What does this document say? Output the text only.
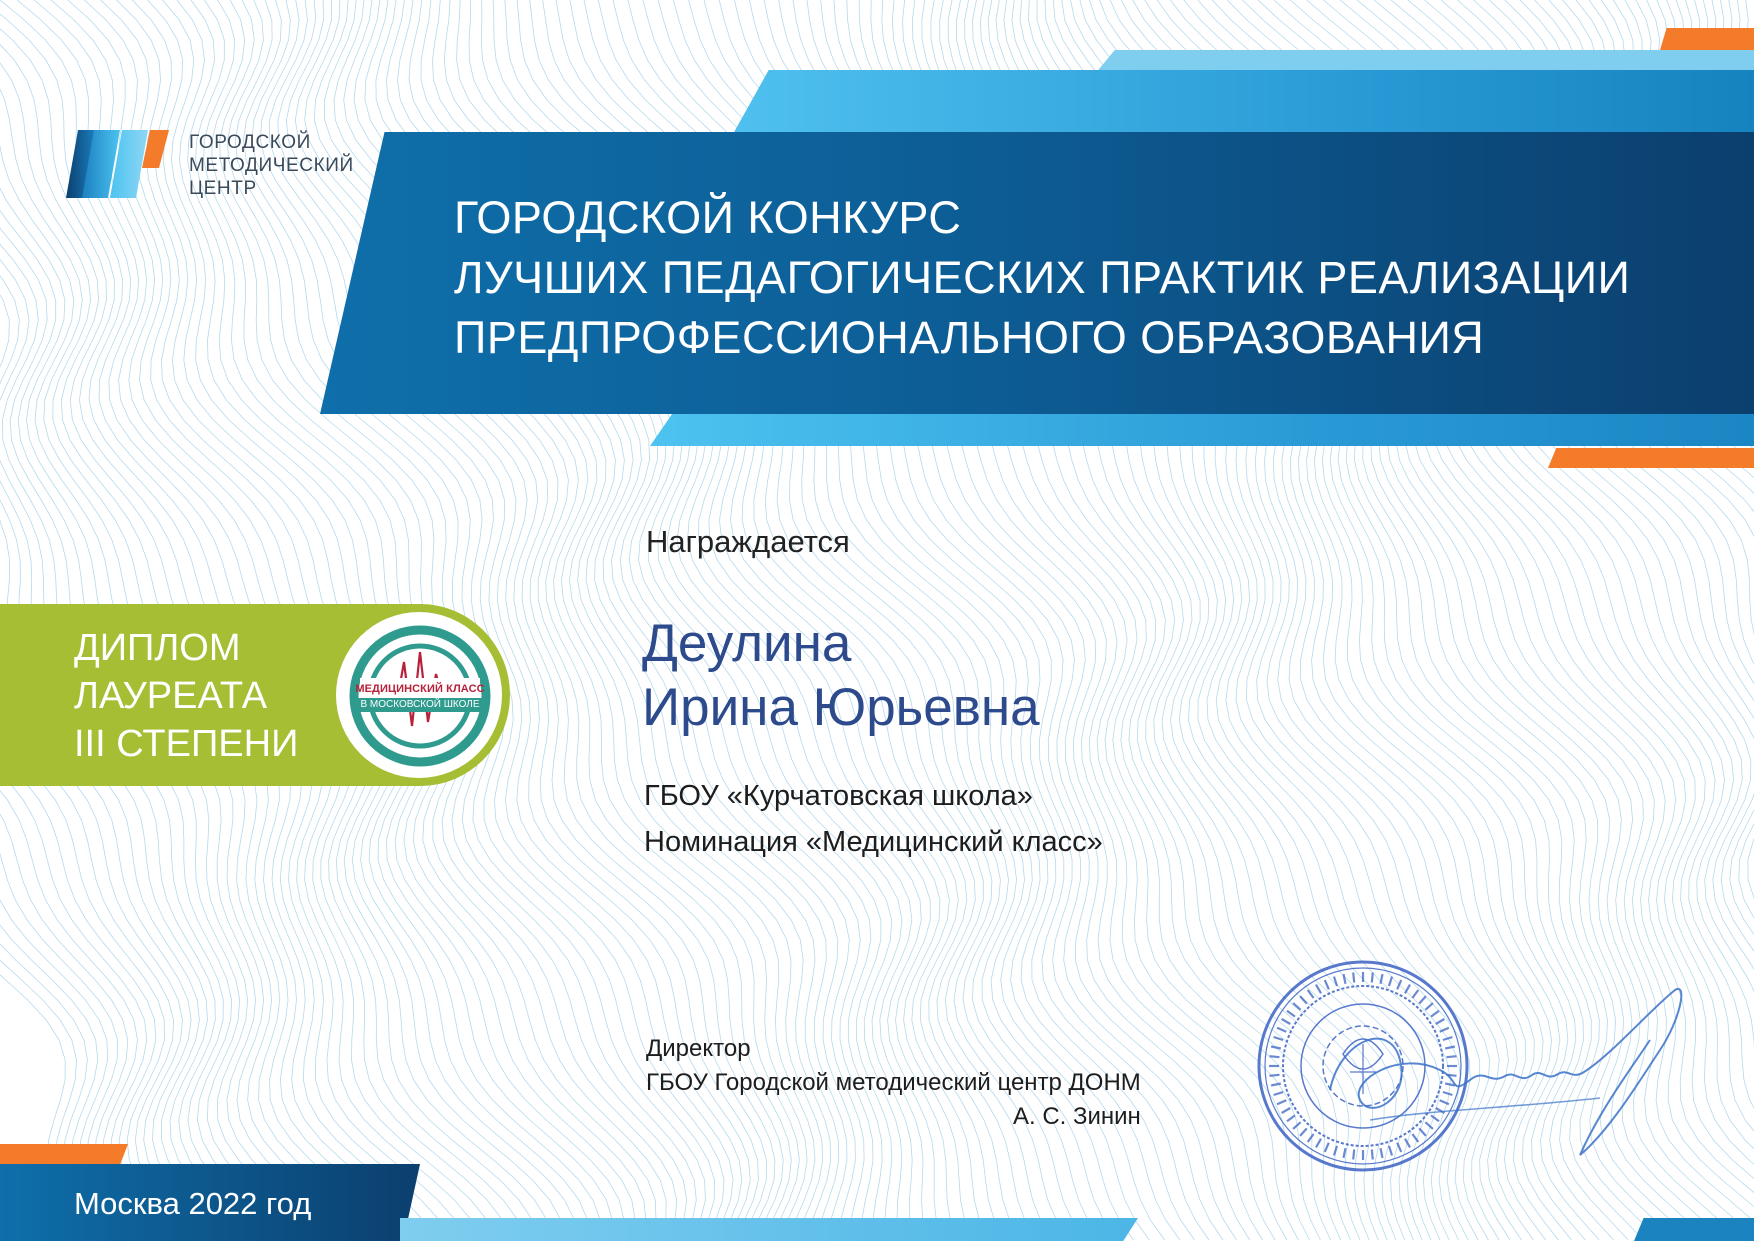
ГОРОДСКОЙ КОНКУРС
ЛУЧШИХ ПЕДАГОГИЧЕСКИХ ПРАКТИК РЕАЛИЗАЦИИ
ПРЕДПРОФЕССИОНАЛЬНОГО ОБРАЗОВАНИЯ
ГОРОДСКОЙ
МЕТОДИЧЕСКИЙ
ЦЕНТР
ДИПЛОМ
ЛАУРЕАТА
III СТЕПЕНИ
МЕДИЦИНСКИЙ КЛАСС
В МОСКОВСКОЙ ШКОЛЕ
Награждается
Деулина
Ирина Юрьевна
ГБОУ «Курчатовская школа»
Номинация «Медицинский класс»
Директор
ГБОУ Городской методический центр ДОНМ
А. С. Зинин
Москва 2022 год
